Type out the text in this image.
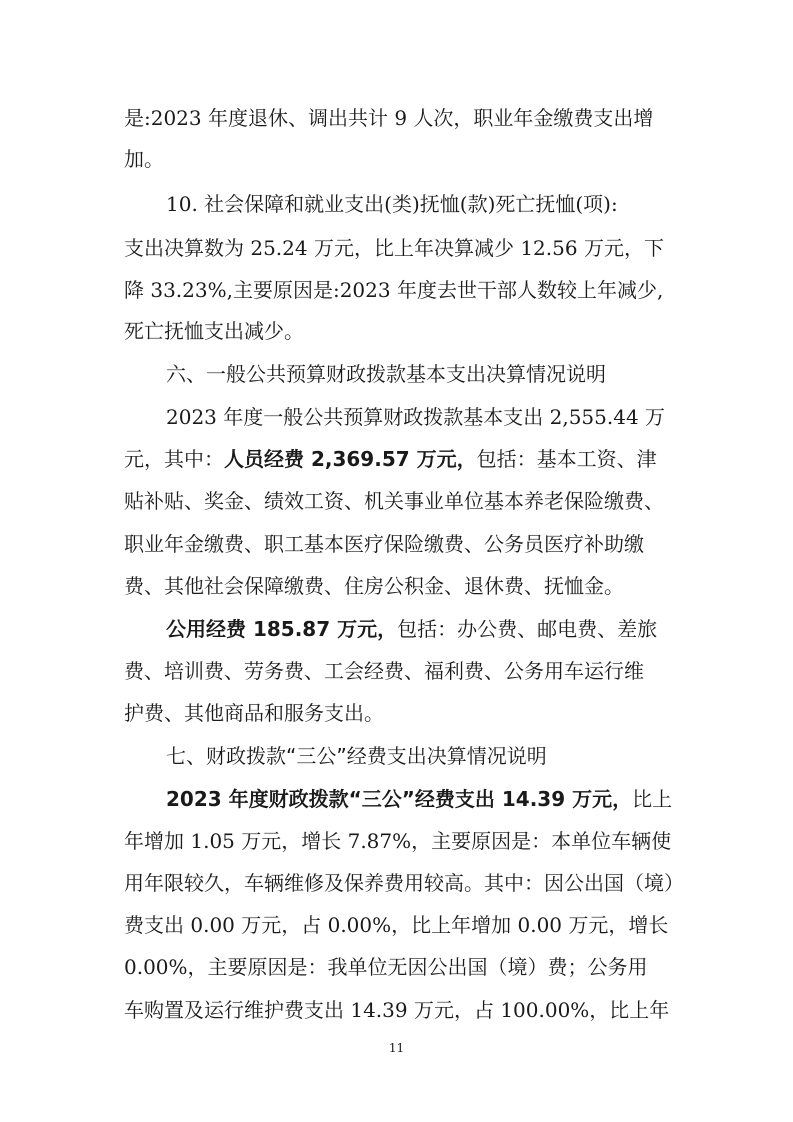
是:2023 年度退休、调出共计 9 人次，职业年金缴费支出增
加。
10. 社会保障和就业支出(类)抚恤(款)死亡抚恤(项):
支出决算数为 25.24 万元，比上年决算减少 12.56 万元，下
降 33.23%,主要原因是:2023 年度去世干部人数较上年减少,
死亡抚恤支出减少。
六、一般公共预算财政拨款基本支出决算情况说明
2023 年度一般公共预算财政拨款基本支出 2,555.44 万
元，其中：人员经费 2,369.57 万元，包括：基本工资、津
贴补贴、奖金、绩效工资、机关事业单位基本养老保险缴费、
职业年金缴费、职工基本医疗保险缴费、公务员医疗补助缴
费、其他社会保障缴费、住房公积金、退休费、抚恤金。
公用经费 185.87 万元，包括：办公费、邮电费、差旅
费、培训费、劳务费、工会经费、福利费、公务用车运行维
护费、其他商品和服务支出。
七、财政拨款“三公”经费支出决算情况说明
2023 年度财政拨款“三公”经费支出 14.39 万元，比上
年增加 1.05 万元，增长 7.87%，主要原因是：本单位车辆使
用年限较久，车辆维修及保养费用较高。其中：因公出国（境）
费支出 0.00 万元，占 0.00%，比上年增加 0.00 万元，增长
0.00%，主要原因是：我单位无因公出国（境）费；公务用
车购置及运行维护费支出 14.39 万元，占 100.00%，比上年
11
